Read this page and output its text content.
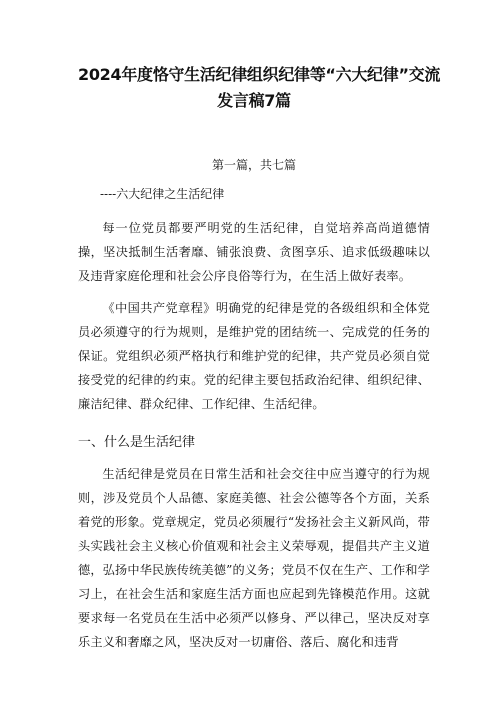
2024年度恪守生活纪律组织纪律等“六大纪律”交流
发言稿7篇
第一篇，共七篇
----六大纪律之生活纪律

每一位党员都要严明党的生活纪律，自觉培养高尚道德情操，坚决抵制生活奢靡、铺张浪费、贪图享乐、追求低级趣味以及违背家庭伦理和社会公序良俗等行为，在生活上做好表率。

《中国共产党章程》明确党的纪律是党的各级组织和全体党员必须遵守的行为规则，是维护党的团结统一、完成党的任务的保证。党组织必须严格执行和维护党的纪律，共产党员必须自觉接受党的纪律的约束。党的纪律主要包括政治纪律、组织纪律、廉洁纪律、群众纪律、工作纪律、生活纪律。

一、什么是生活纪律

生活纪律是党员在日常生活和社会交往中应当遵守的行为规则，涉及党员个人品德、家庭美德、社会公德等各个方面，关系着党的形象。党章规定，党员必须履行“发扬社会主义新风尚，带头实践社会主义核心价值观和社会主义荣辱观，提倡共产主义道德，弘扬中华民族传统美德”的义务；党员不仅在生产、工作和学习上，在社会生活和家庭生活方面也应起到先锋模范作用。这就要求每一名党员在生活中必须严以修身、严以律己，坚决反对享乐主义和奢靡之风，坚决反对一切庸俗、落后、腐化和违背
